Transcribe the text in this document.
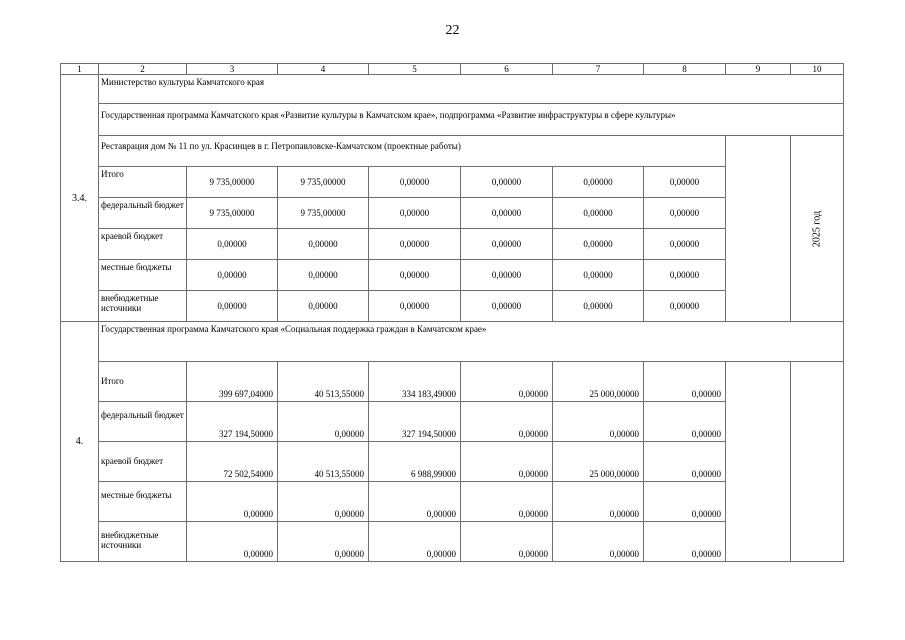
22
1	2	3	4	5	6	7	8	9	10
3.4.	Министерство культуры Камчатского края								
	Государственная программа Камчатского края «Развитие культуры в Камчатском крае», подпрограмма «Развитие инфраструктуры в сфере культуры»								
	Реставрация дом № 11 по ул. Красинцев в г. Петропавловске-Камчатском (проектные работы)								2025 год

	Итого	9 735,00000	9 735,00000	0,00000	0,00000	0,00000	0,00000		
	федеральный бюджет	9 735,00000	9 735,00000	0,00000	0,00000	0,00000	0,00000		
	краевой бюджет	0,00000	0,00000	0,00000	0,00000	0,00000	0,00000		
	местные бюджеты	0,00000	0,00000	0,00000	0,00000	0,00000	0,00000		
	внебюджетные источники	0,00000	0,00000	0,00000	0,00000	0,00000	0,00000		
4.	Государственная программа Камчатского края «Социальная поддержка граждан в Камчатском крае»								
	Итого	399 697,04000	40 513,55000	334 183,49000	0,00000	25 000,00000	0,00000		
	федеральный бюджет	327 194,50000	0,00000	327 194,50000	0,00000	0,00000	0,00000		
	краевой бюджет	72 502,54000	40 513,55000	6 988,99000	0,00000	25 000,00000	0,00000		
	местные бюджеты	0,00000	0,00000	0,00000	0,00000	0,00000	0,00000		
	внебюджетные источники	0,00000	0,00000	0,00000	0,00000	0,00000	0,00000		
